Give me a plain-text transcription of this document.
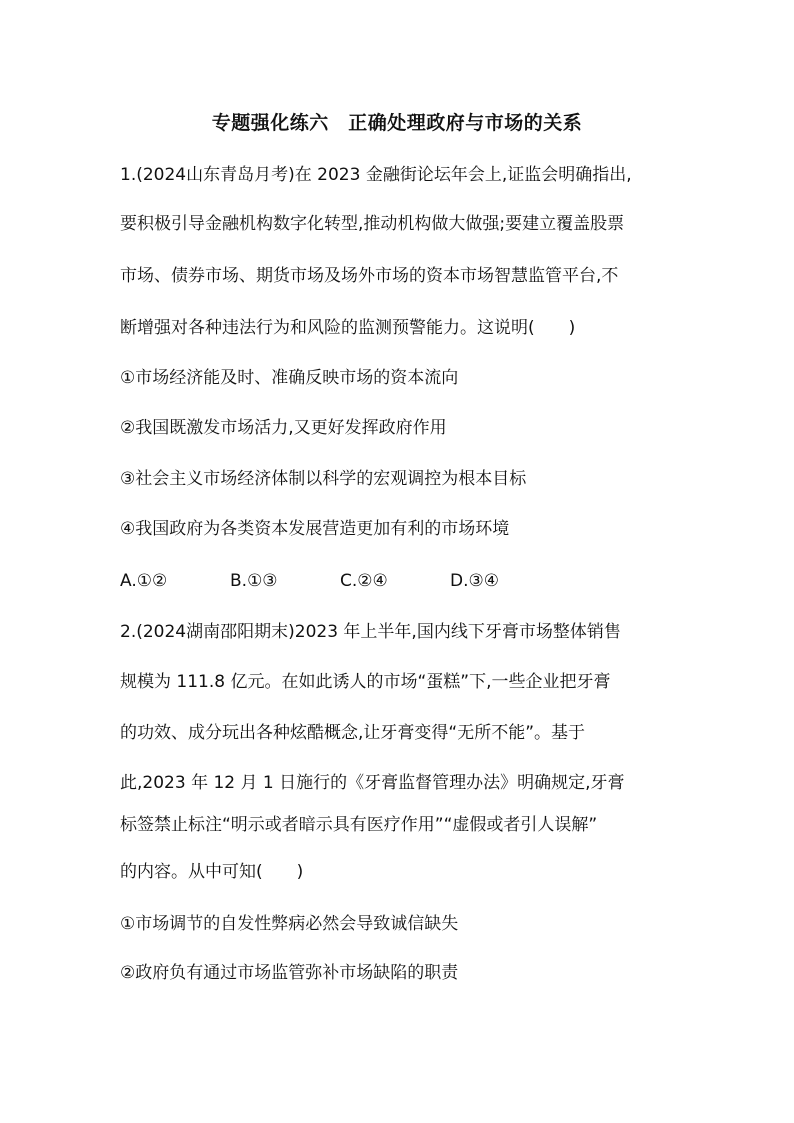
专题强化练六　正确处理政府与市场的关系
1.(2024山东青岛月考)在 2023 金融街论坛年会上,证监会明确指出,
要积极引导金融机构数字化转型,推动机构做大做强;要建立覆盖股票
市场、债券市场、期货市场及场外市场的资本市场智慧监管平台,不
断增强对各种违法行为和风险的监测预警能力。这说明(　　)
①市场经济能及时、准确反映市场的资本流向
②我国既激发市场活力,又更好发挥政府作用
③社会主义市场经济体制以科学的宏观调控为根本目标
④我国政府为各类资本发展营造更加有利的市场环境
A.①②	B.①③	C.②④	D.③④
2.(2024湖南邵阳期末)2023 年上半年,国内线下牙膏市场整体销售
规模为 111.8 亿元。在如此诱人的市场“蛋糕”下,一些企业把牙膏
的功效、成分玩出各种炫酷概念,让牙膏变得“无所不能”。基于
此,2023 年 12 月 1 日施行的《牙膏监督管理办法》明确规定,牙膏
标签禁止标注“明示或者暗示具有医疗作用”“虚假或者引人误解”
的内容。从中可知(　　)
①市场调节的自发性弊病必然会导致诚信缺失
②政府负有通过市场监管弥补市场缺陷的职责
